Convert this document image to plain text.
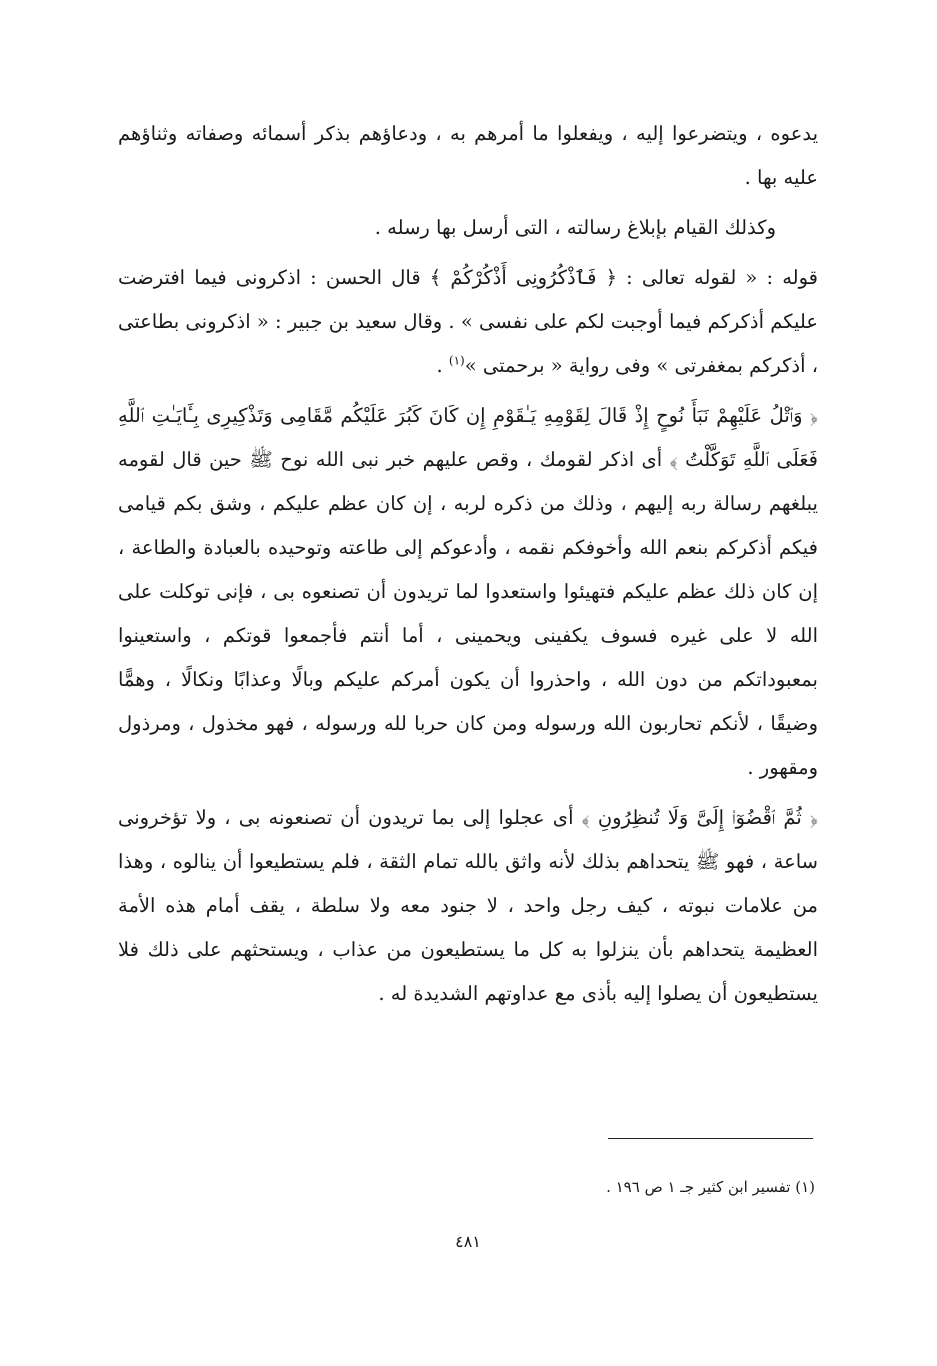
يدعوه ، ويتضرعوا إليه ، ويفعلوا ما أمرهم به ، ودعاؤهم بذكر أسمائه وصفاته وثناؤهم عليه بها .

وكذلك القيام بإبلاغ رسالته ، التى أرسل بها رسله .

قوله : « لقوله تعالى : ﴿ فَٱذْكُرُونِى أَذْكُرْكُمْ ﴾ قال الحسن : اذكرونى فيما افترضت عليكم أذكركم فيما أوجبت لكم على نفسى » . وقال سعيد بن جبير : « اذكرونى بطاعتى ، أذكركم بمغفرتى » وفى رواية « برحمتى »$^{(١)}$ .

﴿ وَٱتْلُ عَلَيْهِمْ نَبَأَ نُوحٍ إِذْ قَالَ لِقَوْمِهِ يَـٰقَوْمِ إِن كَانَ كَبُرَ عَلَيْكُم مَّقَامِى وَتَذْكِيرِى بِـَٔايَـٰتِ ٱللَّهِ فَعَلَى ٱللَّهِ تَوَكَّلْتُ ﴾ أى اذكر لقومك ، وقص عليهم خبر نبى الله نوح ﷺ حين قال لقومه يبلغهم رسالة ربه إليهم ، وذلك من ذكره لربه ، إن كان عظم عليكم ، وشق بكم قيامى فيكم أذكركم بنعم الله وأخوفكم نقمه ، وأدعوكم إلى طاعته وتوحيده بالعبادة والطاعة ، إن كان ذلك عظم عليكم فتهيئوا واستعدوا لما تريدون أن تصنعوه بى ، فإنى توكلت على الله لا على غيره فسوف يكفينى ويحمينى ، أما أنتم فأجمعوا قوتكم ، واستعينوا بمعبوداتكم من دون الله ، واحذروا أن يكون أمركم عليكم وبالًا وعذابًا ونكالًا ، وهمًّا وضيقًا ، لأنكم تحاربون الله ورسوله ومن كان حربا لله ورسوله ، فهو مخذول ، ومرذول ومقهور .

﴿ ثُمَّ ٱقْضُوٓا۟ إِلَىَّ وَلَا تُنظِرُونِ ﴾ أى عجلوا إلى بما تريدون أن تصنعونه بى ، ولا تؤخرونى ساعة ، فهو ﷺ يتحداهم بذلك لأنه واثق بالله تمام الثقة ، فلم يستطيعوا أن ينالوه ، وهذا من علامات نبوته ، كيف رجل واحد ، لا جنود معه ولا سلطة ، يقف أمام هذه الأمة العظيمة يتحداهم بأن ينزلوا به كل ما يستطيعون من عذاب ، ويستحثهم على ذلك فلا يستطيعون أن يصلوا إليه بأذى مع عداوتهم الشديدة له .

(١) تفسير ابن كثير جـ ١ ص ١٩٦ .
٤٨١
